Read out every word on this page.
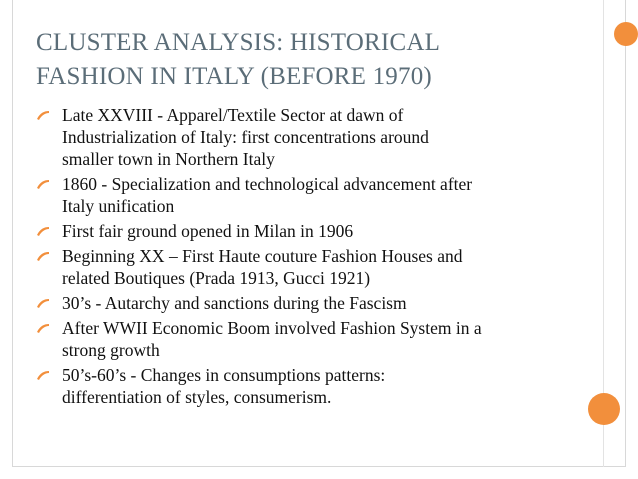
CLUSTER ANALYSIS: HISTORICAL
FASHION IN ITALY (BEFORE 1970)
Late XXVIII - Apparel/Textile Sector at dawn of
Industrialization of Italy: first concentrations around
smaller town in Northern Italy
1860 - Specialization and technological advancement after
Italy unification
First fair ground opened in Milan in 1906
Beginning XX – First Haute couture Fashion Houses and
related Boutiques (Prada 1913, Gucci 1921)
30’s - Autarchy and sanctions during the Fascism
After WWII Economic Boom involved Fashion System in a
strong growth
50’s-60’s - Changes in consumptions patterns:
differentiation of styles, consumerism.
